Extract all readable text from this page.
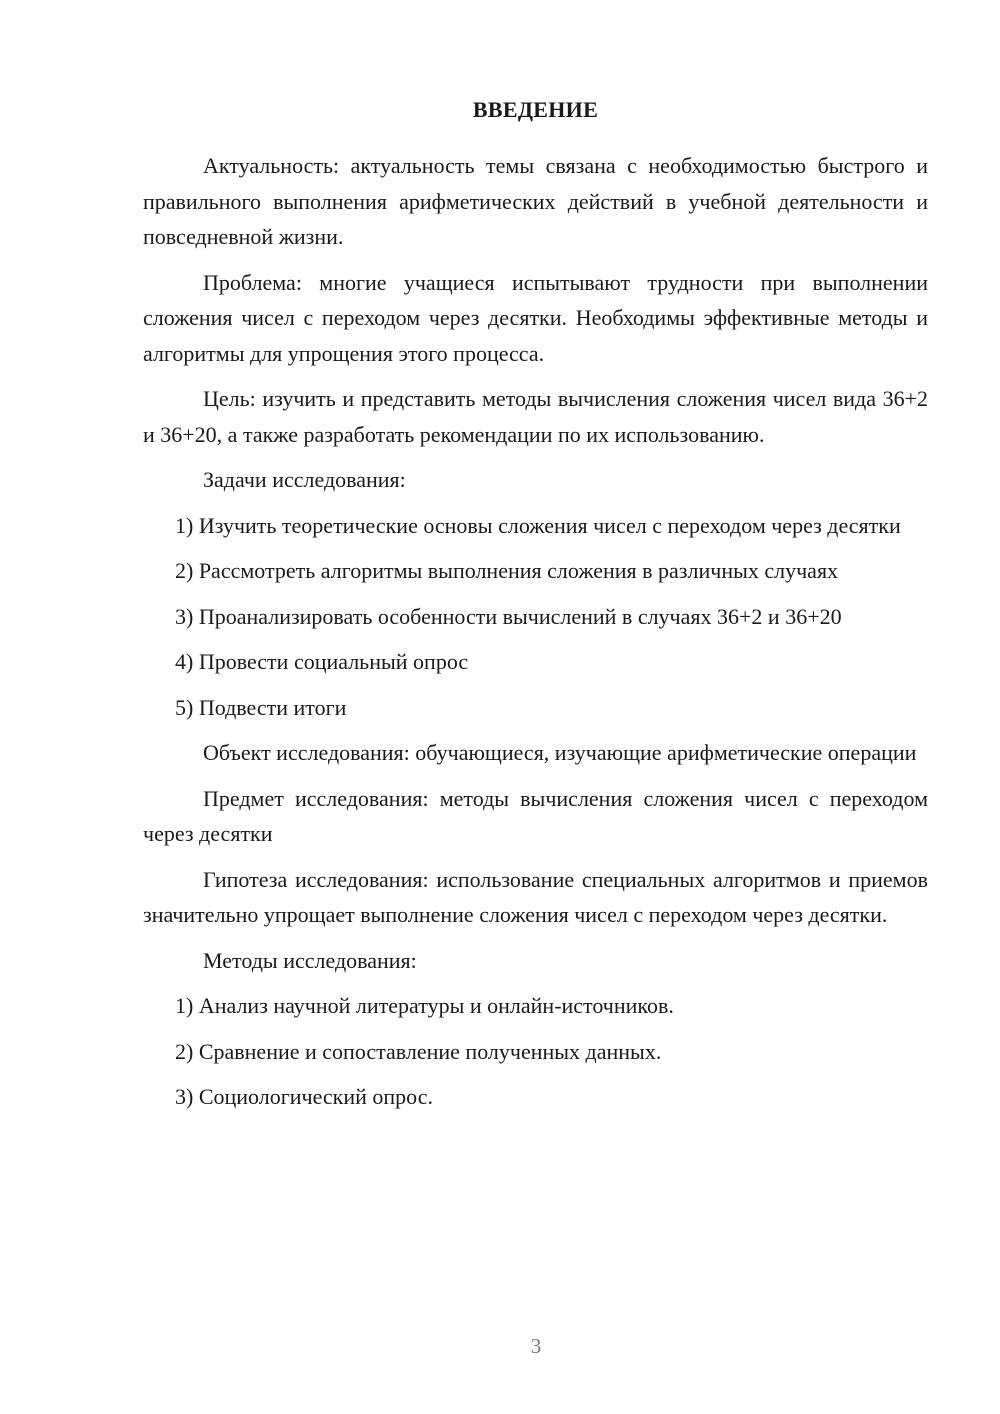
ВВЕДЕНИЕ

Актуальность: актуальность темы связана с необходимостью быстрого и правильного выполнения арифметических действий в учебной деятельности и повседневной жизни.

Проблема: многие учащиеся испытывают трудности при выполнении сложения чисел с переходом через десятки. Необходимы эффективные методы и алгоритмы для упрощения этого процесса.

Цель: изучить и представить методы вычисления сложения чисел вида 36+2 и 36+20, а также разработать рекомендации по их использованию.

Задачи исследования:

1) Изучить теоретические основы сложения чисел с переходом через десятки

2) Рассмотреть алгоритмы выполнения сложения в различных случаях

3) Проанализировать особенности вычислений в случаях 36+2 и 36+20

4) Провести социальный опрос

5) Подвести итоги

Объект исследования: обучающиеся, изучающие арифметические операции

Предмет исследования: методы вычисления сложения чисел с переходом через десятки

Гипотеза исследования: использование специальных алгоритмов и приемов значительно упрощает выполнение сложения чисел с переходом через десятки.

Методы исследования:

1) Анализ научной литературы и онлайн-источников.

2) Сравнение и сопоставление полученных данных.

3) Социологический опрос.

3
